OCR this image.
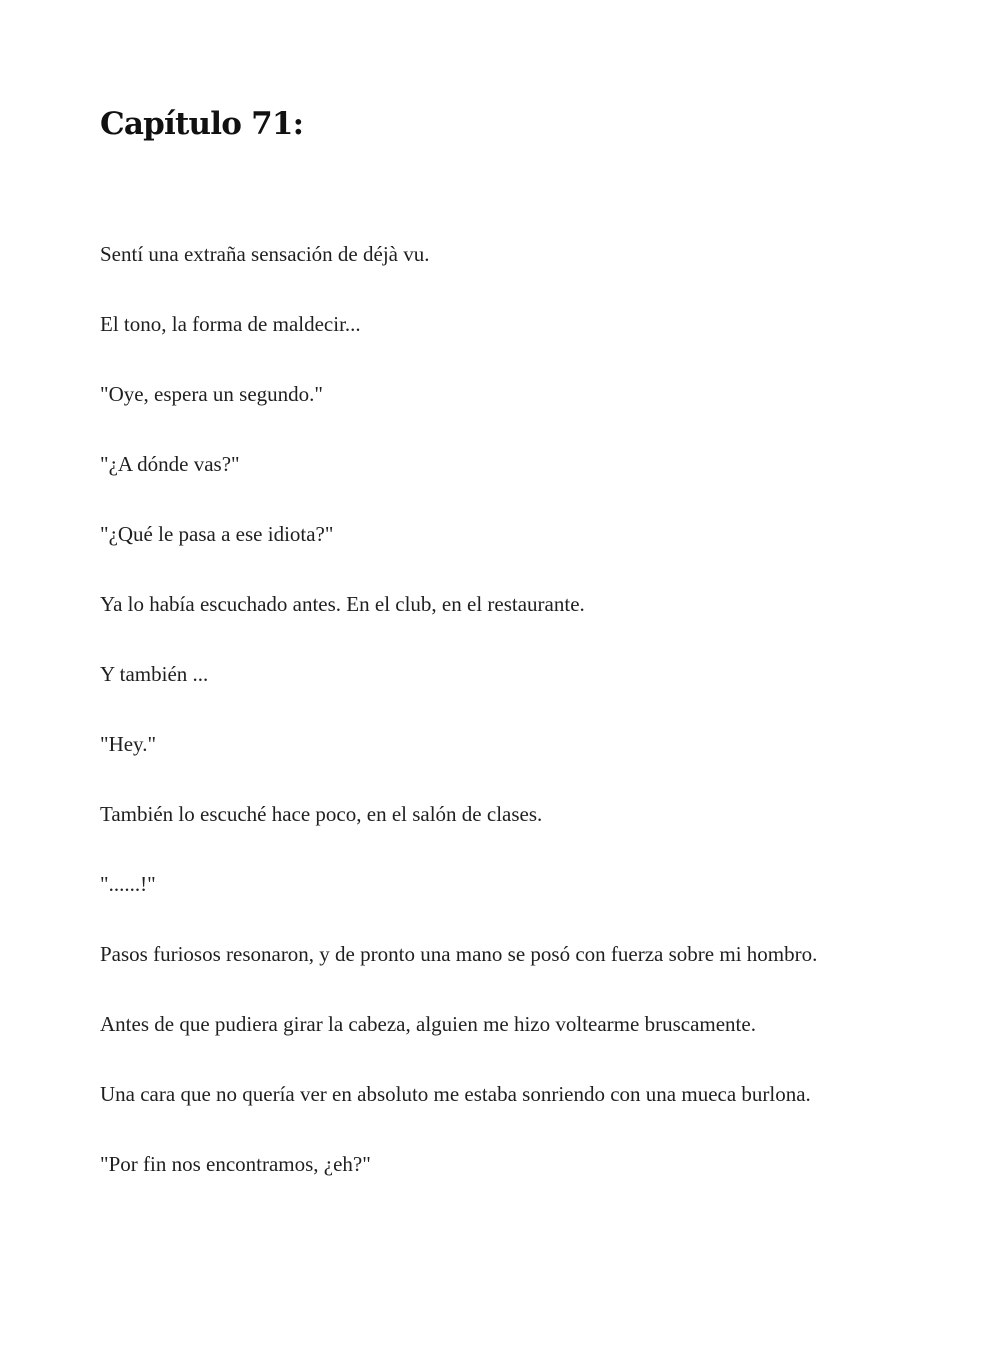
Capítulo 71:

Sentí una extraña sensación de déjà vu.

El tono, la forma de maldecir...

"Oye, espera un segundo."

"¿A dónde vas?"

"¿Qué le pasa a ese idiota?"

Ya lo había escuchado antes. En el club, en el restaurante.

Y también ...

"Hey."

También lo escuché hace poco, en el salón de clases.

"......!"

Pasos furiosos resonaron, y de pronto una mano se posó con fuerza sobre mi hombro.

Antes de que pudiera girar la cabeza, alguien me hizo voltearme bruscamente.

Una cara que no quería ver en absoluto me estaba sonriendo con una mueca burlona.

"Por fin nos encontramos, ¿eh?"
